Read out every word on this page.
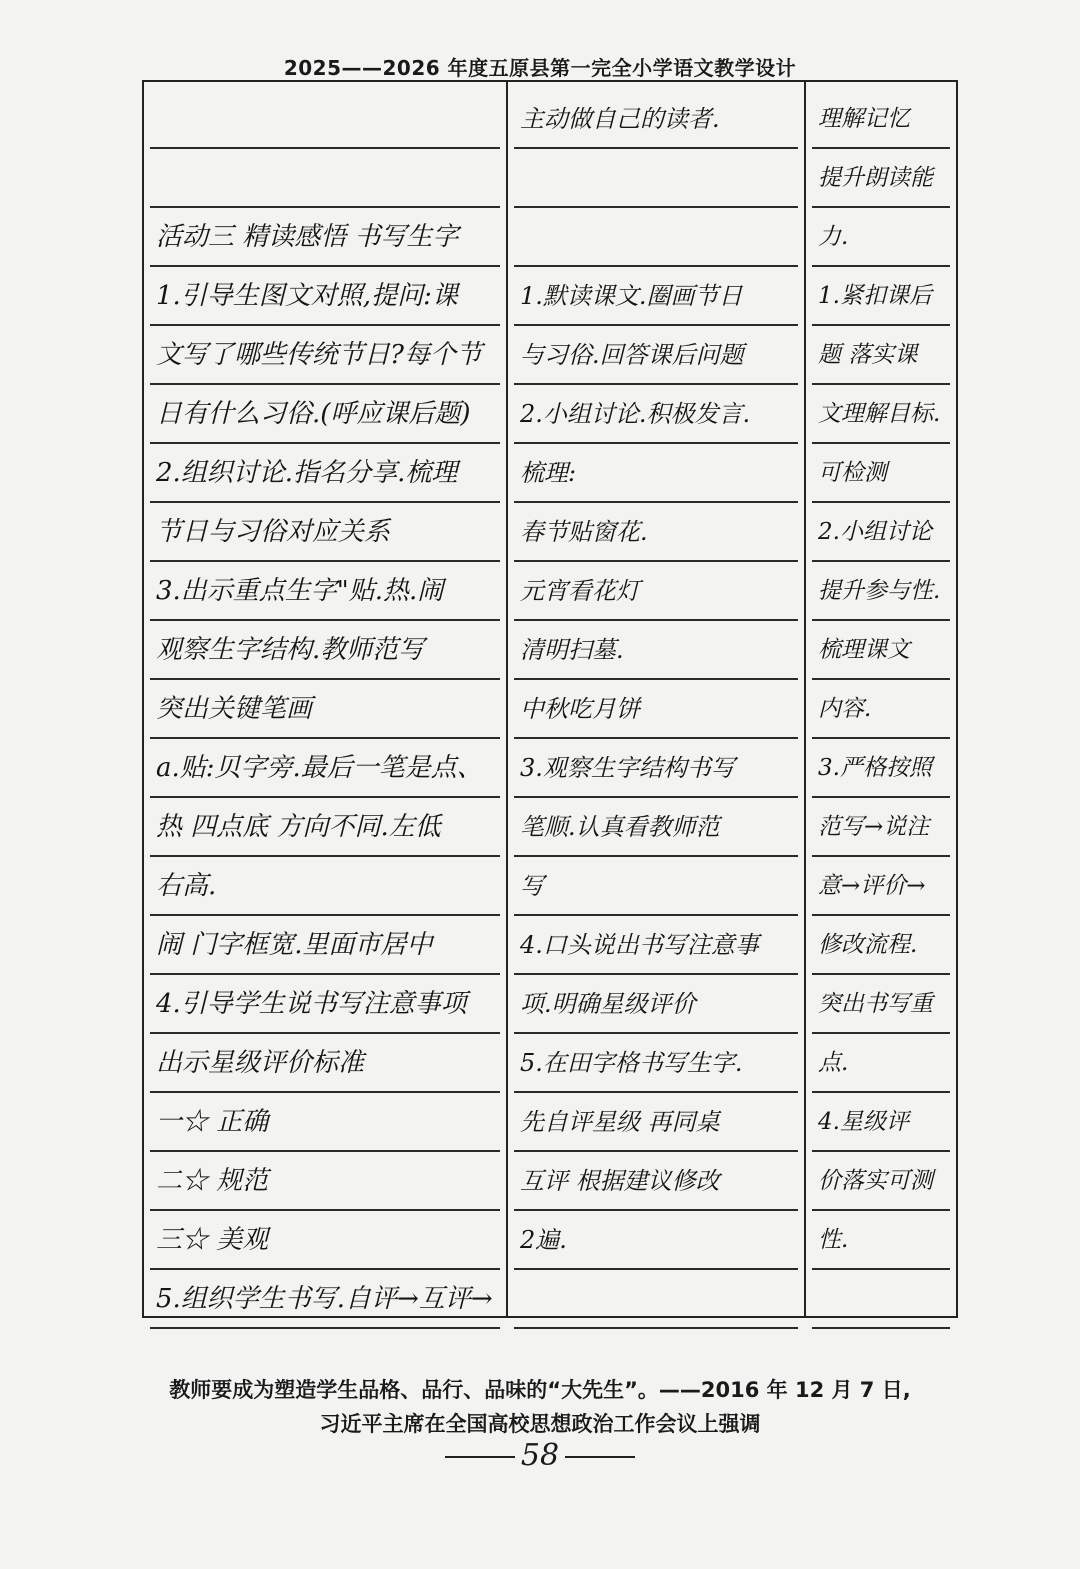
2025——2026 年度五原县第一完全小学语文教学设计
活动三 精读感悟 书写生字
1.引导生图文对照,提问:课
文写了哪些传统节日?每个节
日有什么习俗.(呼应课后题)
2.组织讨论.指名分享.梳理
节日与习俗对应关系
3.出示重点生字"贴.热.闹
观察生字结构.教师范写
突出关键笔画
a.贴:贝字旁.最后一笔是点、
热 四点底 方向不同.左低
右高.
闹 门字框宽.里面市居中
4.引导学生说书写注意事项
出示星级评价标准
一☆ 正确
二☆ 规范
三☆ 美观
5.组织学生书写.自评→互评→
主动做自己的读者.
1.默读课文.圈画节日
与习俗.回答课后问题
2.小组讨论.积极发言.
梳理:
春节贴窗花.
元宵看花灯
清明扫墓.
中秋吃月饼
3.观察生字结构书写
笔顺.认真看教师范
写
4.口头说出书写注意事
项.明确星级评价
5.在田字格书写生字.
先自评星级 再同桌
互评 根据建议修改
2遍.
理解记忆
提升朗读能
力.
1.紧扣课后
题 落实课
文理解目标.
可检测
2.小组讨论
提升参与性.
梳理课文
内容.
3.严格按照
范写→说注
意→评价→
修改流程.
突出书写重
点.
4.星级评
价落实可测
性.
教师要成为塑造学生品格、品行、品味的“大先生”。——2016 年 12 月 7 日,
习近平主席在全国高校思想政治工作会议上强调
58
